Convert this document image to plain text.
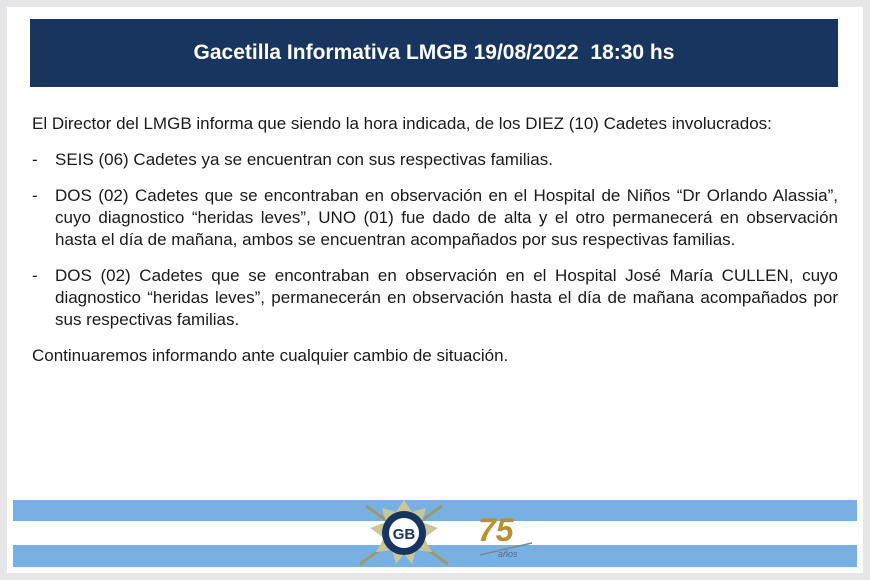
Gacetilla Informativa LMGB 19/08/2022  18:30 hs

El Director del LMGB informa que siendo la hora indicada, de los DIEZ (10) Cadetes involucrados:

-	SEIS (06) Cadetes ya se encuentran con sus respectivas familias.

-	DOS (02) Cadetes que se encontraban en observación en el Hospital de Niños “Dr Orlando Alassia”, cuyo diagnostico “heridas leves”, UNO (01) fue dado de alta y el otro permanecerá en observación hasta el día de mañana, ambos se encuentran acompañados por sus respectivas familias.

-	DOS (02) Cadetes que se encontraban en observación en el Hospital José María CULLEN, cuyo diagnostico “heridas leves”, permanecerán en observación hasta el día de mañana acompañados por sus respectivas familias.

Continuaremos informando ante cualquier cambio de situación.

GB 75
años
